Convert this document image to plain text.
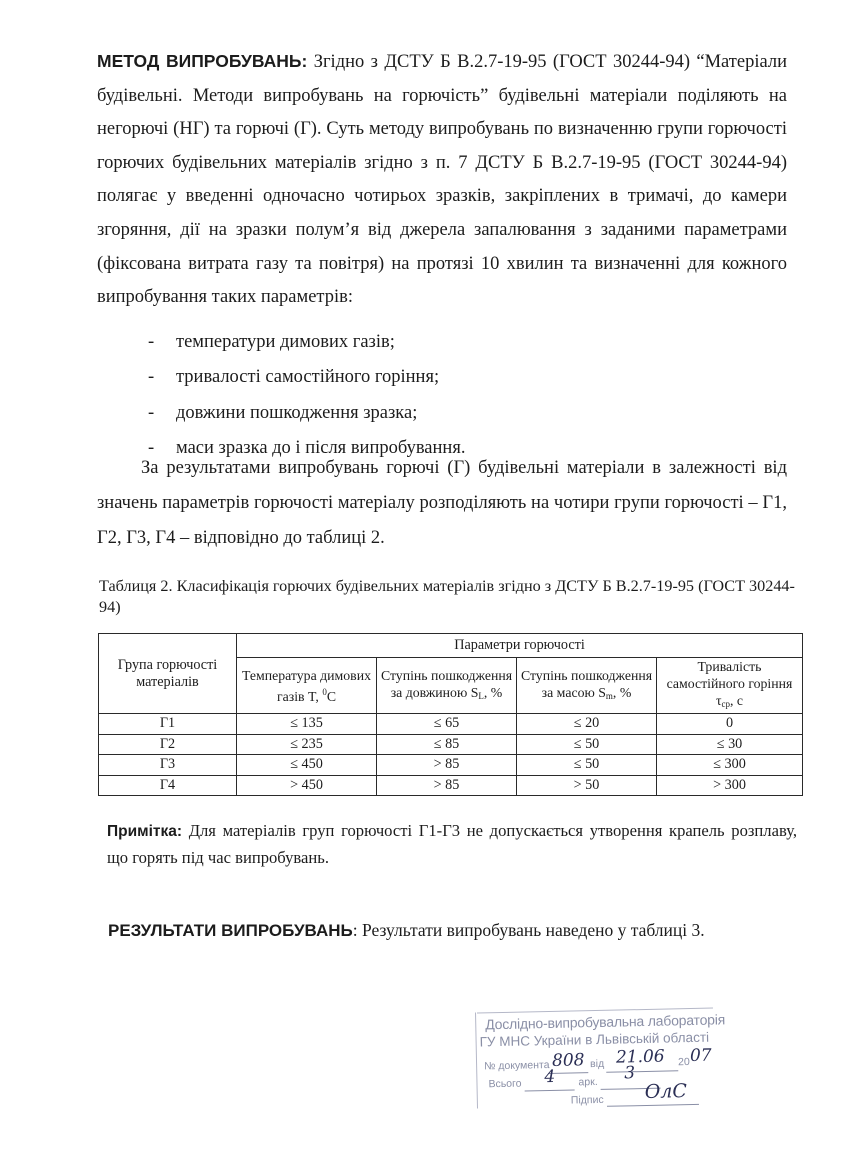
МЕТОД ВИПРОБУВАНЬ: Згідно з ДСТУ Б В.2.7-19-95 (ГОСТ 30244-94) “Матеріали будівельні. Методи випробувань на горючість” будівельні матеріали поділяють на негорючі (НГ) та горючі (Г). Суть методу випробувань по визначенню групи горючості горючих будівельних матеріалів згідно з п. 7 ДСТУ Б В.2.7-19-95 (ГОСТ 30244-94) полягає у введенні одночасно чотирьох зразків, закріплених в тримачі, до камери згоряння, дії на зразки полум’я від джерела запалювання з заданими параметрами (фіксована витрата газу та повітря) на протязі 10 хвилин та визначенні для кожного випробування таких параметрів:

- температури димових газів;
- тривалості самостійного горіння;
- довжини пошкодження зразка;
- маси зразка до і після випробування.

За результатами випробувань горючі (Г) будівельні матеріали в залежності від значень параметрів горючості матеріалу розподіляють на чотири групи горючості – Г1, Г2, Г3, Г4 – відповідно до таблиці 2.

Таблиця 2. Класифікація горючих будівельних матеріалів згідно з ДСТУ Б В.2.7-19-95 (ГОСТ 30244-94)
Група горючості матеріалів	Параметри горючості			
	Температура димових газів T, $^0$C	Ступінь пошкодження за довжиною $S_L$, %	Ступінь пошкодження за масою $S_m$, %	Тривалість самостійного горіння $\tau_{ср}$, с
Г1	≤ 135	≤ 65	≤ 20	0
Г2	≤ 235	≤ 85	≤ 50	≤ 30
Г3	≤ 450	> 85	≤ 50	≤ 300
Г4	> 450	> 85	> 50	> 300

Примітка: Для матеріалів груп горючості Г1-Г3 не допускається утворення крапель розплаву, що горять під час випробувань.

РЕЗУЛЬТАТИ ВИПРОБУВАНЬ: Результати випробувань наведено у таблиці 3.

Дослідно-випробувальна лабораторія
ГУ МНС України в Львівській області
№ документа 808 від 21.06 20 07
Всього 4 арк. 3
Підпис ОлС
